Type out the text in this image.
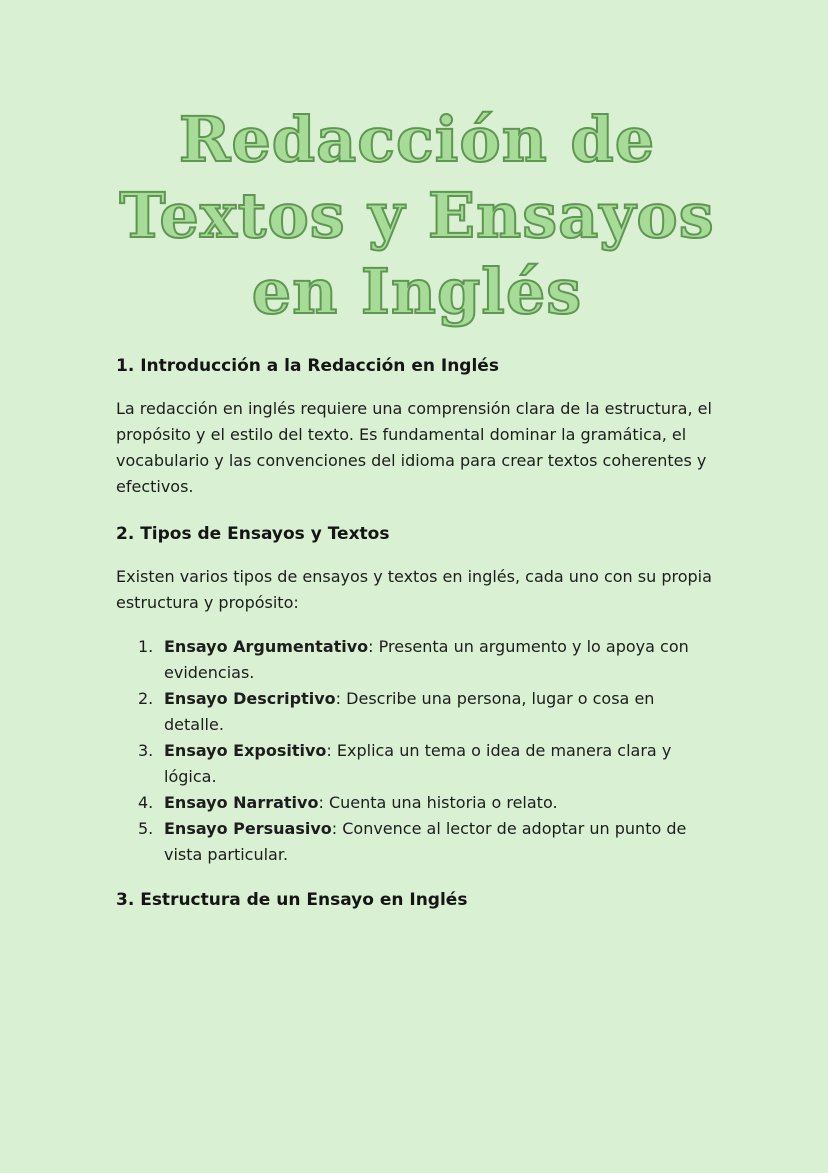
Redacción de
Textos y Ensayos
en Inglés
1. Introducción a la Redacción en Inglés

La redacción en inglés requiere una comprensión clara de la estructura, el propósito y el estilo del texto. Es fundamental dominar la gramática, el vocabulario y las convenciones del idioma para crear textos coherentes y efectivos.

2. Tipos de Ensayos y Textos

Existen varios tipos de ensayos y textos en inglés, cada uno con su propia estructura y propósito:

1. Ensayo Argumentativo: Presenta un argumento y lo apoya con evidencias.
2. Ensayo Descriptivo: Describe una persona, lugar o cosa en detalle.
3. Ensayo Expositivo: Explica un tema o idea de manera clara y lógica.
4. Ensayo Narrativo: Cuenta una historia o relato.
5. Ensayo Persuasivo: Convence al lector de adoptar un punto de vista particular.
3. Estructura de un Ensayo en Inglés
